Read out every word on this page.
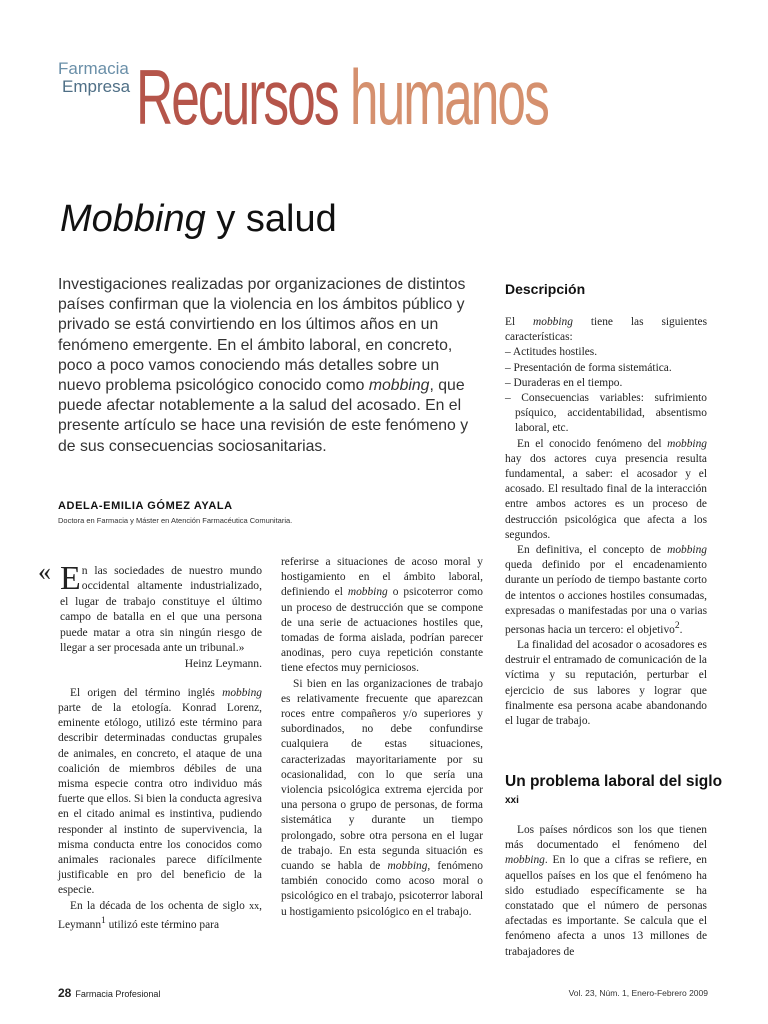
Farmacia
Empresa Recursos humanos
Mobbing y salud
Investigaciones realizadas por organizaciones de distintos países confirman que la violencia en los ámbitos público y privado se está convirtiendo en los últimos años en un fenómeno emergente. En el ámbito laboral, en concreto, poco a poco vamos conociendo más detalles sobre un nuevo problema psicológico conocido como mobbing, que puede afectar notablemente a la salud del acosado. En el presente artículo se hace una revisión de este fenómeno y de sus consecuencias sociosanitarias.
ADELA-EMILIA GÓMEZ AYALA
Doctora en Farmacia y Máster en Atención Farmacéutica Comunitaria.
« E n las sociedades de nuestro mundo occidental altamente industrializado, el lugar de trabajo constituye el último campo de batalla en el que una persona puede matar a otra sin ningún riesgo de llegar a ser procesada ante un tribunal.»
Heinz Leymann.

El origen del término inglés mobbing parte de la etología. Konrad Lorenz, eminente etólogo, utilizó este término para describir determinadas conductas grupales de animales, en concreto, el ataque de una coalición de miembros débiles de una misma especie contra otro individuo más fuerte que ellos. Si bien la conducta agresiva en el citado animal es instintiva, pudiendo responder al instinto de supervivencia, la misma conducta entre los conocidos como animales racionales parece difícilmente justificable en pro del beneficio de la especie.

En la década de los ochenta de siglo xx, Leymann$^1$ utilizó este término para

referirse a situaciones de acoso moral y hostigamiento en el ámbito laboral, definiendo el mobbing o psicoterror como un proceso de destrucción que se compone de una serie de actuaciones hostiles que, tomadas de forma aislada, podrían parecer anodinas, pero cuya repetición constante tiene efectos muy perniciosos.

Si bien en las organizaciones de trabajo es relativamente frecuente que aparezcan roces entre compañeros y/o superiores y subordinados, no debe confundirse cualquiera de estas situaciones, caracterizadas mayoritariamente por su ocasionalidad, con lo que sería una violencia psicológica extrema ejercida por una persona o grupo de personas, de forma sistemática y durante un tiempo prolongado, sobre otra persona en el lugar de trabajo. En esta segunda situación es cuando se habla de mobbing, fenómeno también conocido como acoso moral o psicológico en el trabajo, psicoterror laboral u hostigamiento psicológico en el trabajo.

Descripción

El mobbing tiene las siguientes características:

– Actitudes hostiles.
– Presentación de forma sistemática.
– Duraderas en el tiempo.
– Consecuencias variables: sufrimiento psíquico, accidentabilidad, absentismo laboral, etc.

En el conocido fenómeno del mobbing hay dos actores cuya presencia resulta fundamental, a saber: el acosador y el acosado. El resultado final de la interacción entre ambos actores es un proceso de destrucción psicológica que afecta a los segundos.

En definitiva, el concepto de mobbing queda definido por el encadenamiento durante un período de tiempo bastante corto de intentos o acciones hostiles consumadas, expresadas o manifestadas por una o varias personas hacia un tercero: el objetivo$^2$.

La finalidad del acosador o acosadores es destruir el entramado de comunicación de la víctima y su reputación, perturbar el ejercicio de sus labores y lograr que finalmente esa persona acabe abandonando el lugar de trabajo.

Un problema laboral del siglo xxi

Los países nórdicos son los que tienen más documentado el fenómeno del mobbing. En lo que a cifras se refiere, en aquellos países en los que el fenómeno ha sido estudiado específicamente se ha constatado que el número de personas afectadas es importante. Se calcula que el fenómeno afecta a unos 13 millones de trabajadores de

28 Farmacia Profesional	Vol. 23, Núm. 1, Enero-Febrero 2009
